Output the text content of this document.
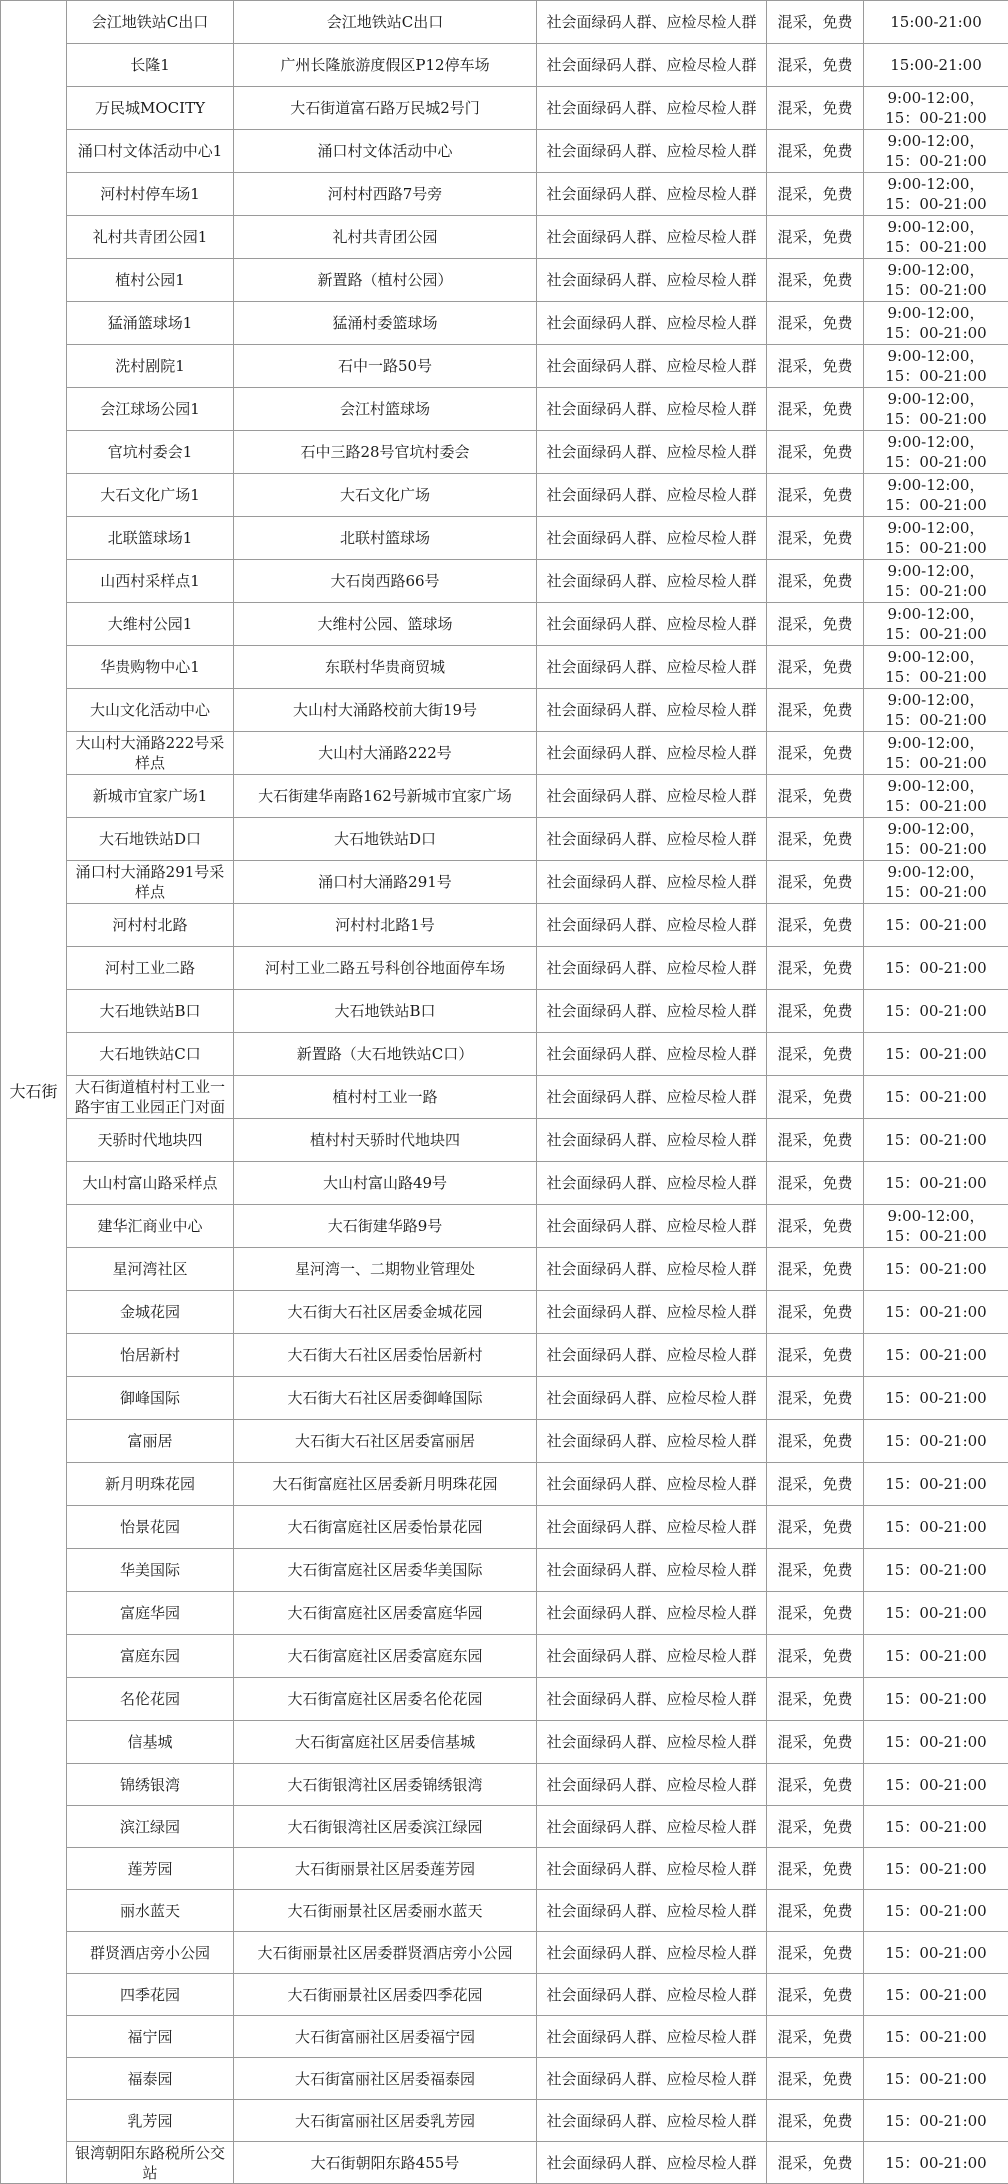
大石街	会江地铁站C出口	会江地铁站C出口	社会面绿码人群、应检尽检人群	混采，免费	15:00-21:00

	长隆1	广州长隆旅游度假区P12停车场	社会面绿码人群、应检尽检人群	混采，免费	15:00-21:00

	万民城MOCITY	大石街道富石路万民城2号门	社会面绿码人群、应检尽检人群	混采，免费	9:00-12:00，
15：00-21:00

	涌口村文体活动中心1	涌口村文体活动中心	社会面绿码人群、应检尽检人群	混采，免费	9:00-12:00，
15：00-21:00

	河村村停车场1	河村村西路7号旁	社会面绿码人群、应检尽检人群	混采，免费	9:00-12:00，
15：00-21:00

	礼村共青团公园1	礼村共青团公园	社会面绿码人群、应检尽检人群	混采，免费	9:00-12:00，
15：00-21:00

	植村公园1	新置路（植村公园）	社会面绿码人群、应检尽检人群	混采，免费	9:00-12:00，
15：00-21:00

	猛涌篮球场1	猛涌村委篮球场	社会面绿码人群、应检尽检人群	混采，免费	9:00-12:00，
15：00-21:00

	洗村剧院1	石中一路50号	社会面绿码人群、应检尽检人群	混采，免费	9:00-12:00，
15：00-21:00

	会江球场公园1	会江村篮球场	社会面绿码人群、应检尽检人群	混采，免费	9:00-12:00，
15：00-21:00

	官坑村委会1	石中三路28号官坑村委会	社会面绿码人群、应检尽检人群	混采，免费	9:00-12:00，
15：00-21:00

	大石文化广场1	大石文化广场	社会面绿码人群、应检尽检人群	混采，免费	9:00-12:00，
15：00-21:00

	北联篮球场1	北联村篮球场	社会面绿码人群、应检尽检人群	混采，免费	9:00-12:00，
15：00-21:00

	山西村采样点1	大石岗西路66号	社会面绿码人群、应检尽检人群	混采，免费	9:00-12:00，
15：00-21:00

	大维村公园1	大维村公园、篮球场	社会面绿码人群、应检尽检人群	混采，免费	9:00-12:00，
15：00-21:00

	华贵购物中心1	东联村华贵商贸城	社会面绿码人群、应检尽检人群	混采，免费	9:00-12:00，
15：00-21:00

	大山文化活动中心	大山村大涌路校前大街19号	社会面绿码人群、应检尽检人群	混采，免费	9:00-12:00，
15：00-21:00

	大山村大涌路222号采样点	大山村大涌路222号	社会面绿码人群、应检尽检人群	混采，免费	9:00-12:00，
15：00-21:00

	新城市宜家广场1	大石街建华南路162号新城市宜家广场	社会面绿码人群、应检尽检人群	混采，免费	9:00-12:00，
15：00-21:00

	大石地铁站D口	大石地铁站D口	社会面绿码人群、应检尽检人群	混采，免费	9:00-12:00，
15：00-21:00

	涌口村大涌路291号采样点	涌口村大涌路291号	社会面绿码人群、应检尽检人群	混采，免费	9:00-12:00，
15：00-21:00

	河村村北路	河村村北路1号	社会面绿码人群、应检尽检人群	混采，免费	15：00-21:00

	河村工业二路	河村工业二路五号科创谷地面停车场	社会面绿码人群、应检尽检人群	混采，免费	15：00-21:00

	大石地铁站B口	大石地铁站B口	社会面绿码人群、应检尽检人群	混采，免费	15：00-21:00

	大石地铁站C口	新置路（大石地铁站C口）	社会面绿码人群、应检尽检人群	混采，免费	15：00-21:00

	大石街道植村村工业一路宇宙工业园正门对面	植村村工业一路	社会面绿码人群、应检尽检人群	混采，免费	15：00-21:00

	天骄时代地块四	植村村天骄时代地块四	社会面绿码人群、应检尽检人群	混采，免费	15：00-21:00

	大山村富山路采样点	大山村富山路49号	社会面绿码人群、应检尽检人群	混采，免费	15：00-21:00

	建华汇商业中心	大石街建华路9号	社会面绿码人群、应检尽检人群	混采，免费	9:00-12:00，
15：00-21:00

	星河湾社区	星河湾一、二期物业管理处	社会面绿码人群、应检尽检人群	混采，免费	15：00-21:00

	金城花园	大石街大石社区居委金城花园	社会面绿码人群、应检尽检人群	混采，免费	15：00-21:00

	怡居新村	大石街大石社区居委怡居新村	社会面绿码人群、应检尽检人群	混采，免费	15：00-21:00

	御峰国际	大石街大石社区居委御峰国际	社会面绿码人群、应检尽检人群	混采，免费	15：00-21:00

	富丽居	大石街大石社区居委富丽居	社会面绿码人群、应检尽检人群	混采，免费	15：00-21:00

	新月明珠花园	大石街富庭社区居委新月明珠花园	社会面绿码人群、应检尽检人群	混采，免费	15：00-21:00

	怡景花园	大石街富庭社区居委怡景花园	社会面绿码人群、应检尽检人群	混采，免费	15：00-21:00

	华美国际	大石街富庭社区居委华美国际	社会面绿码人群、应检尽检人群	混采，免费	15：00-21:00

	富庭华园	大石街富庭社区居委富庭华园	社会面绿码人群、应检尽检人群	混采，免费	15：00-21:00

	富庭东园	大石街富庭社区居委富庭东园	社会面绿码人群、应检尽检人群	混采，免费	15：00-21:00

	名伦花园	大石街富庭社区居委名伦花园	社会面绿码人群、应检尽检人群	混采，免费	15：00-21:00

	信基城	大石街富庭社区居委信基城	社会面绿码人群、应检尽检人群	混采，免费	15：00-21:00

	锦绣银湾	大石街银湾社区居委锦绣银湾	社会面绿码人群、应检尽检人群	混采，免费	15：00-21:00

	滨江绿园	大石街银湾社区居委滨江绿园	社会面绿码人群、应检尽检人群	混采，免费	15：00-21:00

	莲芳园	大石街丽景社区居委莲芳园	社会面绿码人群、应检尽检人群	混采，免费	15：00-21:00

	丽水蓝天	大石街丽景社区居委丽水蓝天	社会面绿码人群、应检尽检人群	混采，免费	15：00-21:00

	群贤酒店旁小公园	大石街丽景社区居委群贤酒店旁小公园	社会面绿码人群、应检尽检人群	混采，免费	15：00-21:00

	四季花园	大石街丽景社区居委四季花园	社会面绿码人群、应检尽检人群	混采，免费	15：00-21:00

	福宁园	大石街富丽社区居委福宁园	社会面绿码人群、应检尽检人群	混采，免费	15：00-21:00

	福泰园	大石街富丽社区居委福泰园	社会面绿码人群、应检尽检人群	混采，免费	15：00-21:00

	乳芳园	大石街富丽社区居委乳芳园	社会面绿码人群、应检尽检人群	混采，免费	15：00-21:00

	银湾朝阳东路税所公交站	大石街朝阳东路455号	社会面绿码人群、应检尽检人群	混采，免费	15：00-21:00
